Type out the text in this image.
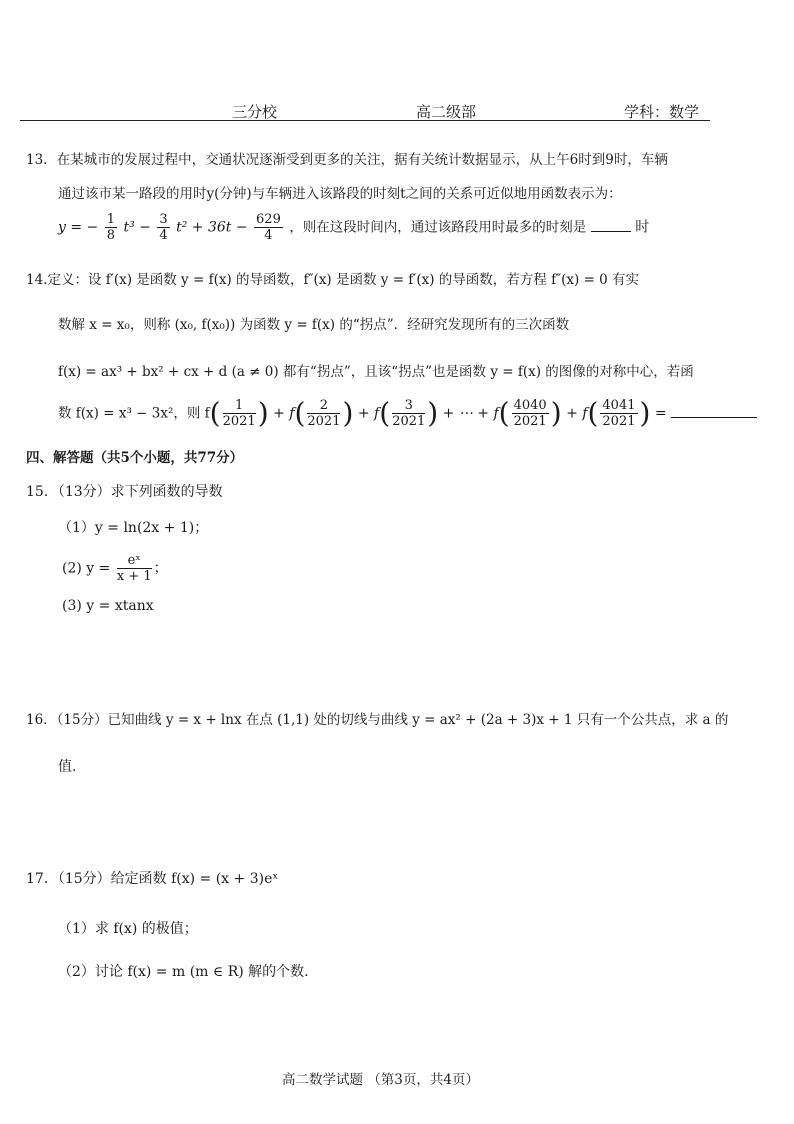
三分校	高二级部	学科：数学
13．在某城市的发展过程中，交通状况逐渐受到更多的关注，据有关统计数据显示，从上午6时到9时，车辆
通过该市某一路段的用时y(分钟)与车辆进入该路段的时刻t之间的关系可近似地用函数表示为：
y = − $\frac{1}{8} t^3 - \frac{3}{4} t^2 + 36t - \frac{629}{4}$ ，则在这段时间内，通过该路段用时最多的时刻是	时
14.定义：设 f′(x) 是函数 y = f(x) 的导函数，f″(x) 是函数 y = f′(x) 的导函数，若方程 f″(x) = 0 有实
数解 x = x₀，则称 (x₀, f(x₀)) 为函数 y = f(x) 的“拐点”．经研究发现所有的三次函数
f(x) = ax³ + bx² + cx + d (a ≠ 0) 都有“拐点”，且该“拐点”也是函数 y = f(x) 的图像的对称中心，若函
数 f(x) = x³ − 3x²，则 $f( \frac{1}{2021}$ ) + $f( \frac{2}{2021}$ ) + $f( \frac{3}{2021}$ ) + ⋯ + $f( \frac{4040}{2021}$ ) + $f( \frac{4041}{2021}$ ) =
四、解答题（共5个小题，共77分）
15．（13分）求下列函数的导数
（1）y = ln(2x + 1)；
(2) $y = \frac{\text{eˣ}}{x + 1}$ ；
(3) y = xtanx
16．（15分）已知曲线 y = x + lnx 在点 (1,1) 处的切线与曲线 y = ax² + (2a + 3)x + 1 只有一个公共点，求 a 的
值.
17．（15分）给定函数 f(x) = (x + 3)eˣ
（1）求 f(x) 的极值；
（2）讨论 f(x) = m (m ∈ R) 解的个数.
高二数学试题 （第3页，共4页）
